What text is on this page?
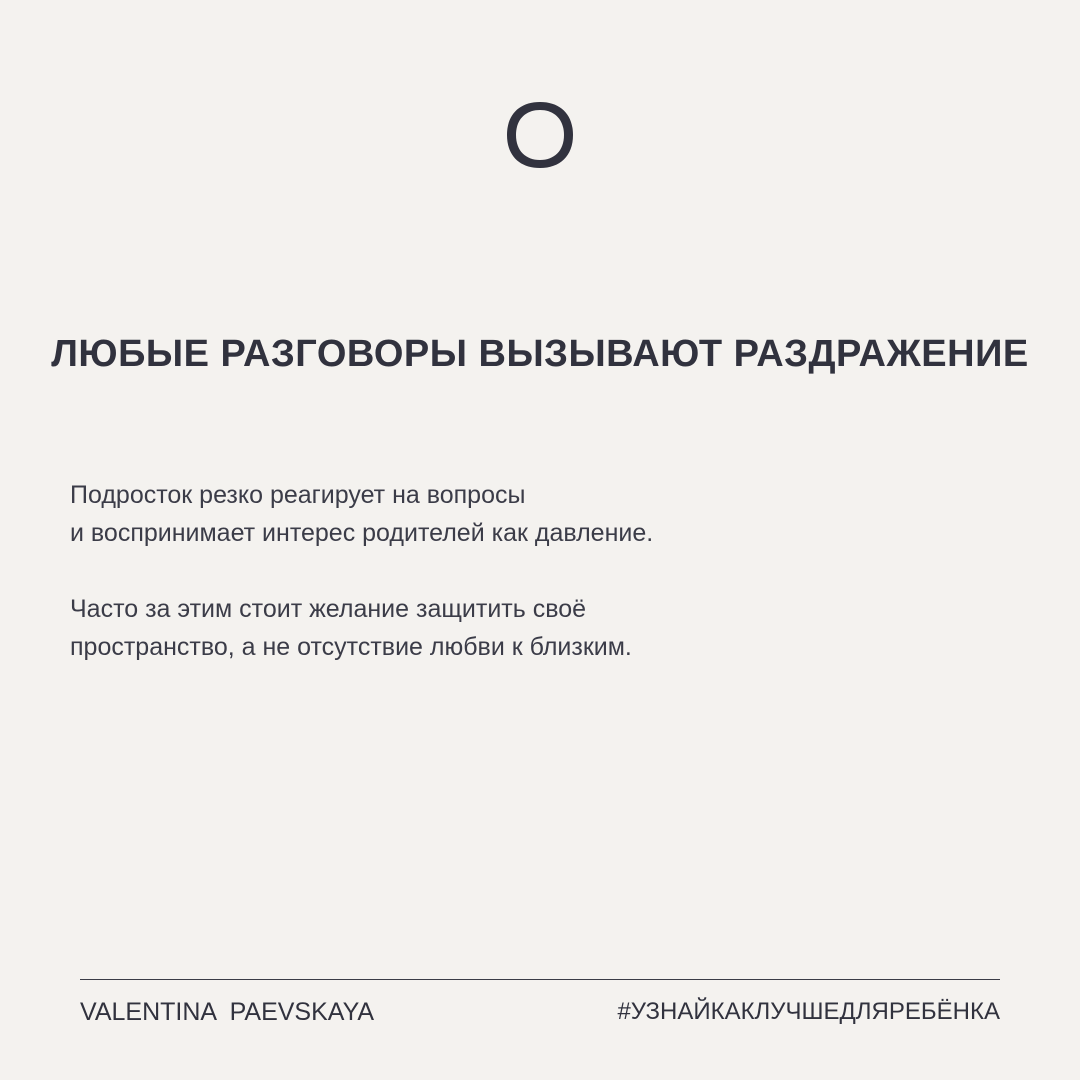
ЛЮБЫЕ РАЗГОВОРЫ ВЫЗЫВАЮТ РАЗДРАЖЕНИЕ

Подросток резко реагирует на вопросы
и воспринимает интерес родителей как давление.

Часто за этим стоит желание защитить своё
пространство, а не отсутствие любви к близким.

VALENTINA  PAEVSKAYA	#УЗНАЙКАКЛУЧШЕДЛЯРЕБЁНКА
